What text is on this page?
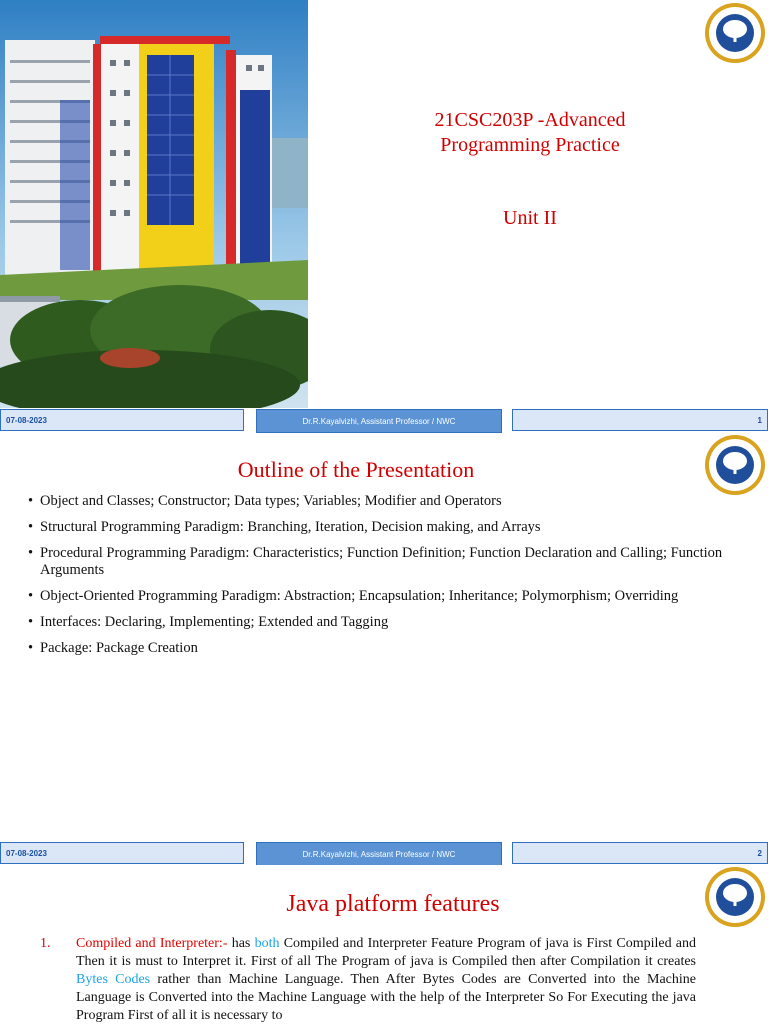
21CSC203P -Advanced
Programming Practice
Unit II
07-08-2023	Dr.R.Kayalvizhi, Assistant Professor / NWC	1
Outline of the Presentation
• Object and Classes; Constructor; Data types; Variables; Modifier and Operators
• Structural Programming Paradigm: Branching, Iteration, Decision making, and Arrays
• Procedural Programming Paradigm: Characteristics; Function Definition; Function Declaration and Calling; Function Arguments
• Object-Oriented Programming Paradigm: Abstraction; Encapsulation; Inheritance; Polymorphism; Overriding
• Interfaces: Declaring, Implementing; Extended and Tagging
• Package: Package Creation
07-08-2023	Dr.R.Kayalvizhi, Assistant Professor / NWC	2
Java platform features
1. Compiled and Interpreter:- has both Compiled and Interpreter Feature Program of java is First Compiled and Then it is must to Interpret it. First of all The Program of java is Compiled then after Compilation it creates Bytes Codes rather than Machine Language. Then After Bytes Codes are Converted into the Machine Language is Converted into the Machine Language with the help of the Interpreter So For Executing the java Program First of all it is necessary to
